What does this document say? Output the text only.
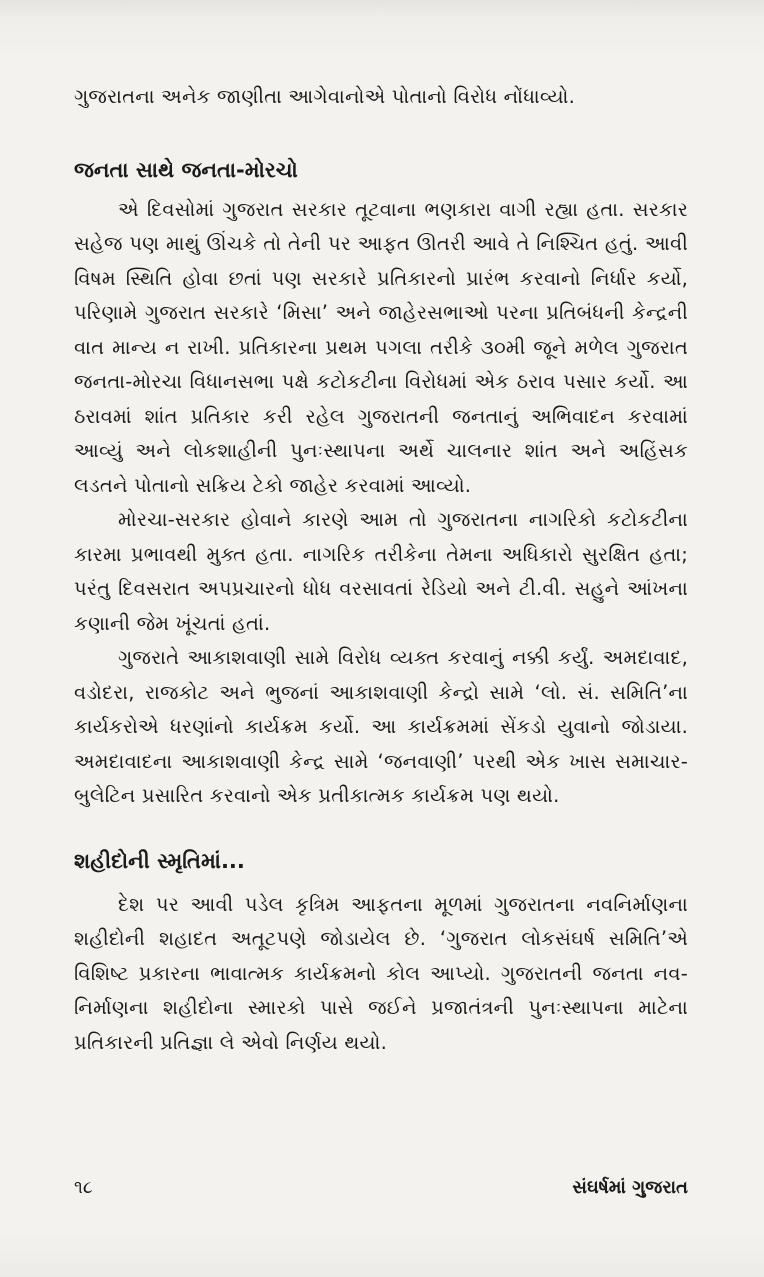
ગુજરાતના અનેક જાણીતા આગેવાનોએ પોતાનો વિરોધ નોંધાવ્યો.

જનતા સાથે જનતા-મોરચો

એ દિવસોમાં ગુજરાત સરકાર તૂટવાના ભણકારા વાગી રહ્યા હતા. સરકાર સહેજ પણ માથું ઊંચકે તો તેની પર આફત ઊતરી આવે તે નિશ્ચિત હતું. આવી વિષમ સ્થિતિ હોવા છતાં પણ સરકારે પ્રતિકારનો પ્રારંભ કરવાનો નિર્ધાર કર્યો, પરિણામે ગુજરાત સરકારે ‘મિસા’ અને જાહેરસભાઓ પરના પ્રતિબંધની કેન્દ્રની વાત માન્ય ન રાખી. પ્રતિકારના પ્રથમ પગલા તરીકે ૩૦મી જૂને મળેલ ગુજરાત જનતા-મોરચા વિધાનસભા પક્ષે કટોકટીના વિરોધમાં એક ઠરાવ પસાર કર્યો. આ ઠરાવમાં શાંત પ્રતિકાર કરી રહેલ ગુજરાતની જનતાનું અભિવાદન કરવામાં આવ્યું અને લોકશાહીની પુનઃસ્થાપના અર્થે ચાલનાર શાંત અને અહિંસક લડતને પોતાનો સક્રિય ટેકો જાહેર કરવામાં આવ્યો.

મોરચા-સરકાર હોવાને કારણે આમ તો ગુજરાતના નાગરિકો કટોકટીના કારમા પ્રભાવથી મુક્ત હતા. નાગરિક તરીકેના તેમના અધિકારો સુરક્ષિત હતા; પરંતુ દિવસરાત અપપ્રચારનો ધોધ વરસાવતાં રેડિયો અને ટી.વી. સહુને આંખના કણાની જેમ ખૂંચતાં હતાં.

ગુજરાતે આકાશવાણી સામે વિરોધ વ્યક્ત કરવાનું નક્કી કર્યું. અમદાવાદ, વડોદરા, રાજકોટ અને ભુજનાં આકાશવાણી કેન્દ્રો સામે ‘લો. સં. સમિતિ’ના કાર્યકરોએ ધરણાંનો કાર્યક્રમ કર્યો. આ કાર્યક્રમમાં સેંકડો યુવાનો જોડાયા. અમદાવાદના આકાશવાણી કેન્દ્ર સામે ‘જનવાણી’ પરથી એક ખાસ સમાચાર-બુલેટિન પ્રસારિત કરવાનો એક પ્રતીકાત્મક કાર્યક્રમ પણ થયો.

શહીદોની સ્મૃતિમાં...

દેશ પર આવી પડેલ કૃત્રિમ આફતના મૂળમાં ગુજરાતના નવનિર્માણના શહીદોની શહાદત અતૂટપણે જોડાયેલ છે. ‘ગુજરાત લોકસંઘર્ષ સમિતિ’એ વિશિષ્ટ પ્રકારના ભાવાત્મક કાર્યક્રમનો કોલ આપ્યો. ગુજરાતની જનતા નવ-નિર્માણના શહીદોના સ્મારકો પાસે જઈને પ્રજાતંત્રની પુનઃસ્થાપના માટેના પ્રતિકારની પ્રતિજ્ઞા લે એવો નિર્ણય થયો.

૧૮	સંઘર્ષમાં ગુજરાત
